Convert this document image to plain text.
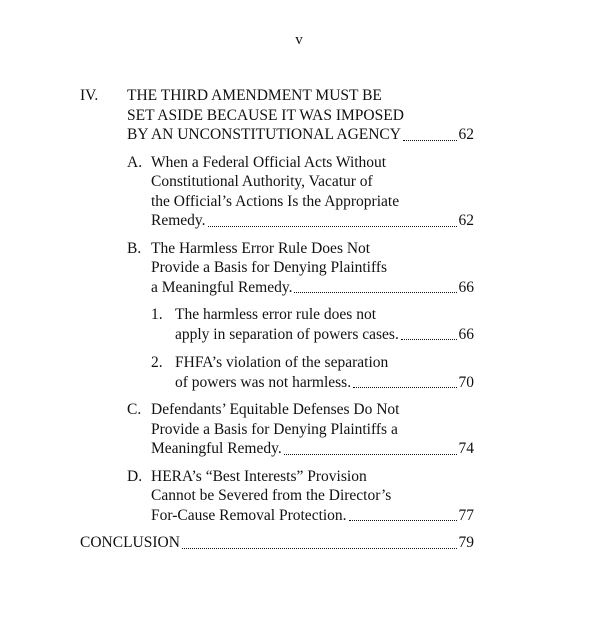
v
IV. THE THIRD AMENDMENT MUST BE
SET ASIDE BECAUSE IT WAS IMPOSED
BY AN UNCONSTITUTIONAL AGENCY	62
A. When a Federal Official Acts Without
Constitutional Authority, Vacatur of
the Official’s Actions Is the Appropriate
Remedy.	62
B. The Harmless Error Rule Does Not
Provide a Basis for Denying Plaintiffs
a Meaningful Remedy.	66
1. The harmless error rule does not
apply in separation of powers cases.	66
2. FHFA’s violation of the separation
of powers was not harmless.	70
C. Defendants’ Equitable Defenses Do Not
Provide a Basis for Denying Plaintiffs a
Meaningful Remedy.	74
D. HERA’s “Best Interests” Provision
Cannot be Severed from the Director’s
For-Cause Removal Protection.	77
CONCLUSION	79
